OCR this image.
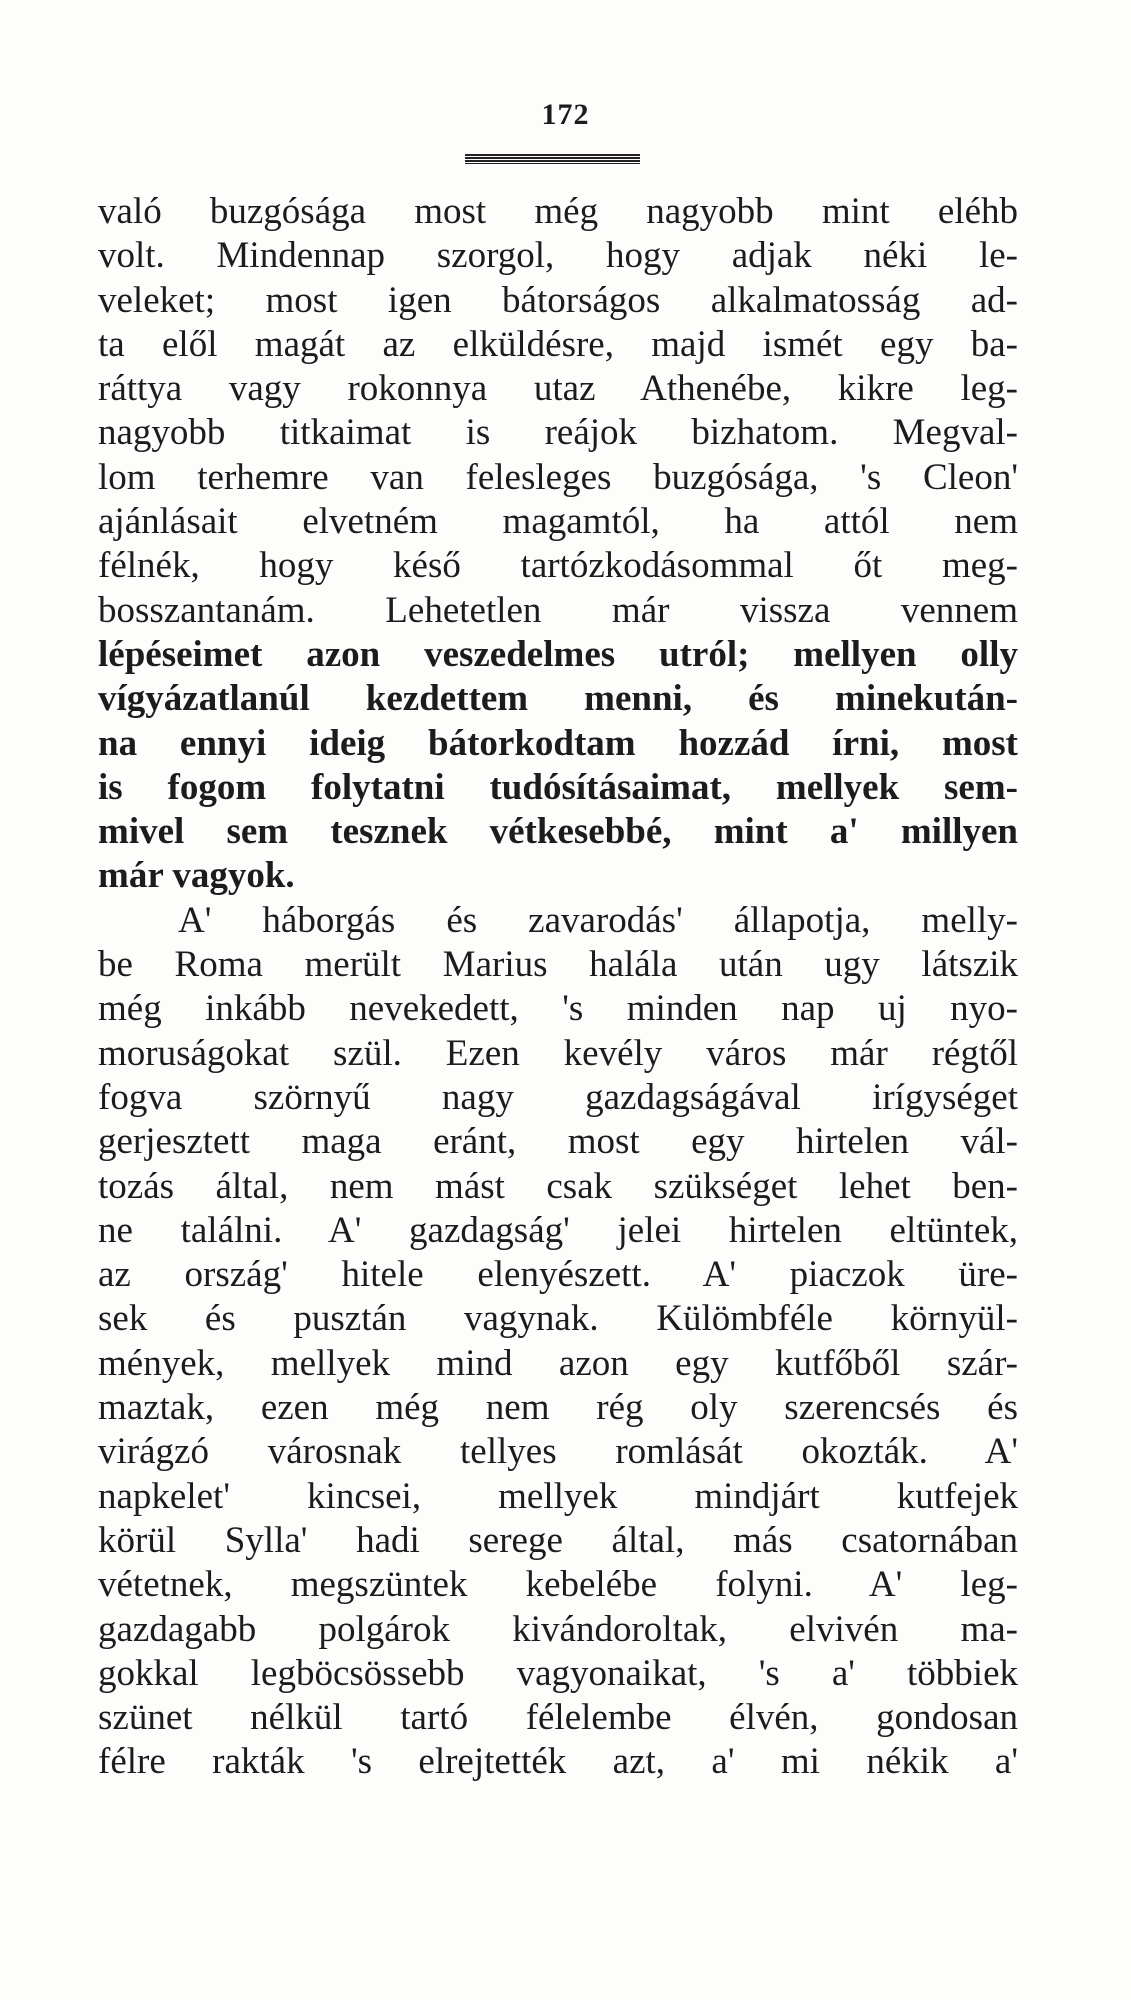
172
való buzgósága most még nagyobb mint eléhb
volt. Mindennap szorgol, hogy adjak néki le-
veleket; most igen bátorságos alkalmatosság ad-
ta elől magát az elküldésre, majd ismét egy ba-
ráttya vagy rokonnya utaz Athenébe, kikre leg-
nagyobb titkaimat is reájok bizhatom. Megval-
lom terhemre van felesleges buzgósága, 's Cleon'
ajánlásait elvetném magamtól, ha attól nem
félnék, hogy késő tartózkodásommal őt meg-
bosszantanám. Lehetetlen már vissza vennem
lépéseimet azon veszedelmes utról; mellyen olly
vígyázatlanúl kezdettem menni, és minekután-
na ennyi ideig bátorkodtam hozzád írni, most
is fogom folytatni tudósításaimat, mellyek sem-
mivel sem tesznek vétkesebbé, mint a' millyen
már vagyok.
A' háborgás és zavarodás' állapotja, melly-
be Roma merült Marius halála után ugy látszik
még inkább nevekedett, 's minden nap uj nyo-
moruságokat szül. Ezen kevély város már régtől
fogva szörnyű nagy gazdagságával irígységet
gerjesztett maga eránt, most egy hirtelen vál-
tozás által, nem mást csak szükséget lehet ben-
ne találni. A' gazdagság' jelei hirtelen eltüntek,
az ország' hitele elenyészett. A' piaczok üre-
sek és pusztán vagynak. Külömbféle környül-
mények, mellyek mind azon egy kutfőből szár-
maztak, ezen még nem rég oly szerencsés és
virágzó városnak tellyes romlását okozták. A'
napkelet' kincsei, mellyek mindjárt kutfejek
körül Sylla' hadi serege által, más csatornában
vétetnek, megszüntek kebelébe folyni. A' leg-
gazdagabb polgárok kivándoroltak, elvivén ma-
gokkal legböcsössebb vagyonaikat, 's a' többiek
szünet nélkül tartó félelembe élvén, gondosan
félre rakták 's elrejtették azt, a' mi nékik a'
